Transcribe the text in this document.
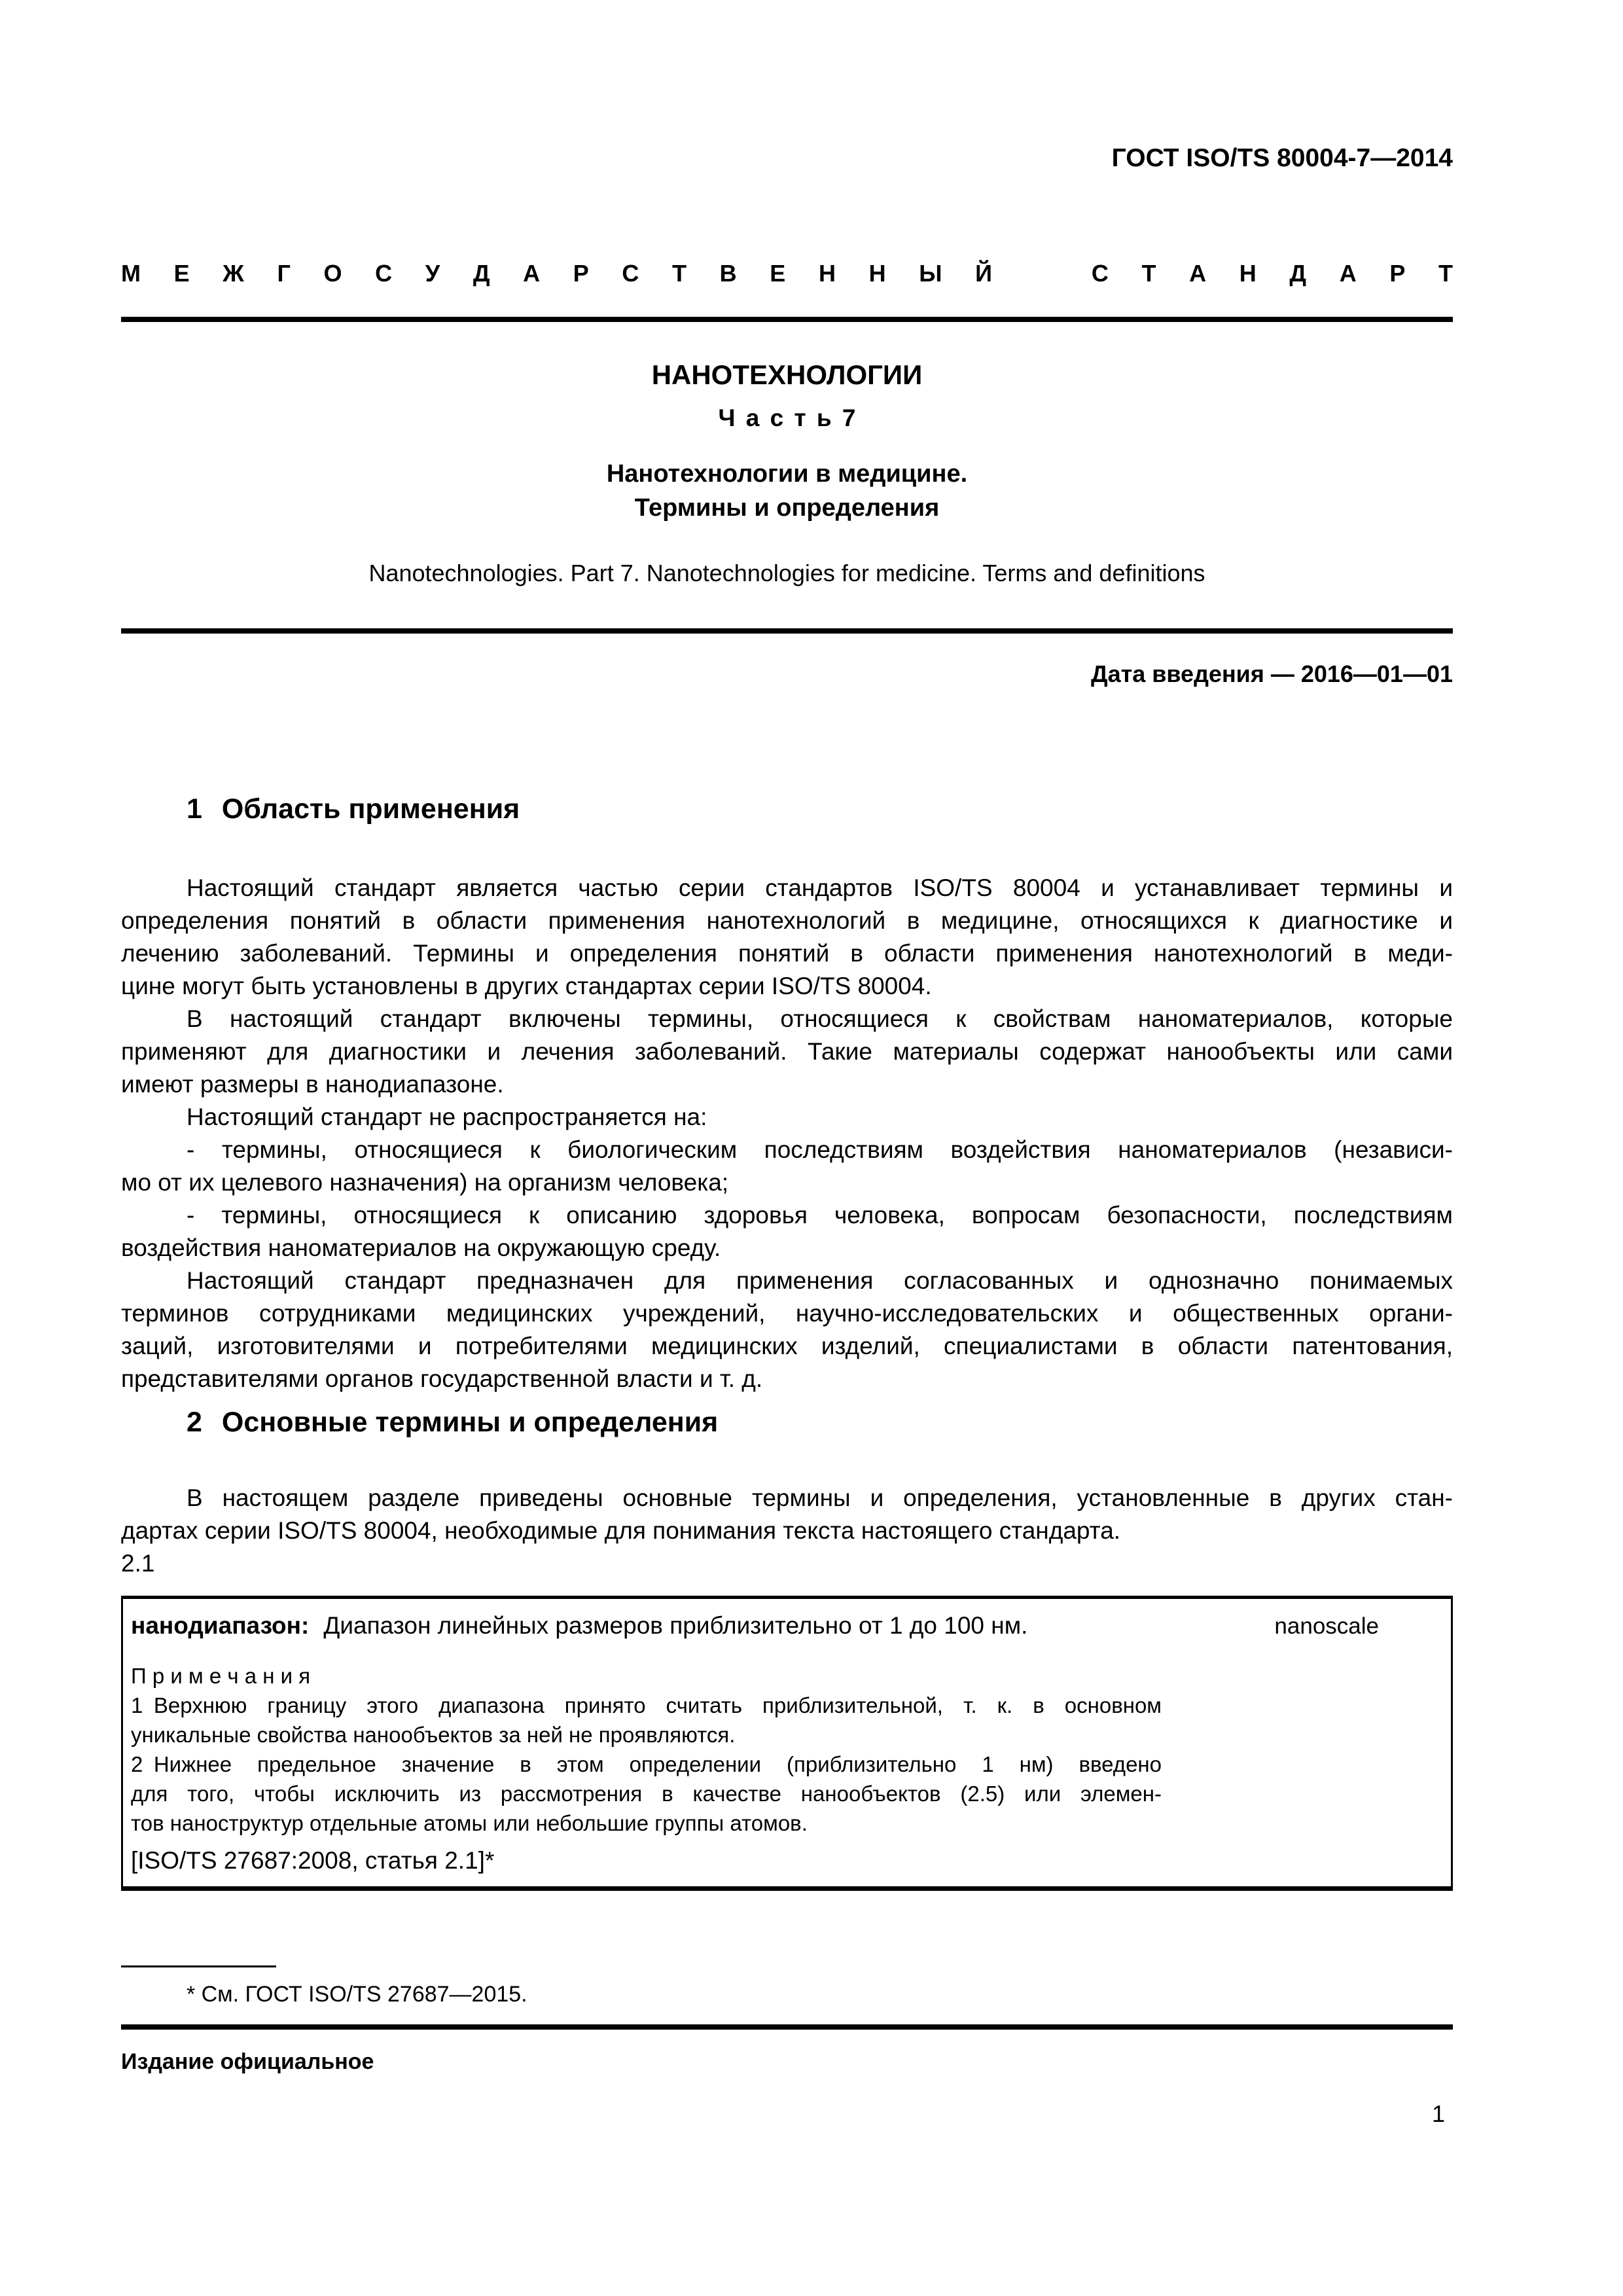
ГОСТ ISO/TS 80004-7—2014
М Е Ж Г О С У Д А Р С Т В Е Н Н Ы Й   С Т А Н Д А Р Т
НАНОТЕХНОЛОГИИ
Ч а с т ь 7
Нанотехнологии в медицине.
Термины и определения
Nanotechnologies. Part 7. Nanotechnologies for medicine. Terms and definitions
Дата введения — 2016—01—01
1 Область применения
Настоящий стандарт является частью серии стандартов ISO/TS 80004 и устанавливает термины и
определения понятий в области применения нанотехнологий в медицине, относящихся к диагностике и
лечению заболеваний. Термины и определения понятий в области применения нанотехнологий в меди-
цине могут быть установлены в других стандартах серии ISO/TS 80004.
В настоящий стандарт включены термины, относящиеся к свойствам наноматериалов, которые
применяют для диагностики и лечения заболеваний. Такие материалы содержат нанообъекты или сами
имеют размеры в нанодиапазоне.
Настоящий стандарт не распространяется на:
- термины, относящиеся к биологическим последствиям воздействия наноматериалов (независи-
мо от их целевого назначения) на организм человека;
- термины, относящиеся к описанию здоровья человека, вопросам безопасности, последствиям
воздействия наноматериалов на окружающую среду.
Настоящий стандарт предназначен для применения согласованных и однозначно понимаемых
терминов сотрудниками медицинских учреждений, научно-исследовательских и общественных органи-
заций, изготовителями и потребителями медицинских изделий, специалистами в области патентования,
представителями органов государственной власти и т. д.
2 Основные термины и определения
В настоящем разделе приведены основные термины и определения, установленные в других стан-
дартах серии ISO/TS 80004, необходимые для понимания текста настоящего стандарта.
2.1
нанодиапазон: Диапазон линейных размеров приблизительно от 1 до 100 нм.	nanoscale
П р и м е ч а н и я
1 Верхнюю границу этого диапазона принято считать приблизительной, т. к. в основном
уникальные свойства нанообъектов за ней не проявляются.
2 Нижнее предельное значение в этом определении (приблизительно 1 нм) введено
для того, чтобы исключить из рассмотрения в качестве нанообъектов (2.5) или элемен-
тов наноструктур отдельные атомы или небольшие группы атомов.
[ISO/TS 27687:2008, статья 2.1]*
* См. ГОСТ ISO/TS 27687—2015.
Издание официальное
1
